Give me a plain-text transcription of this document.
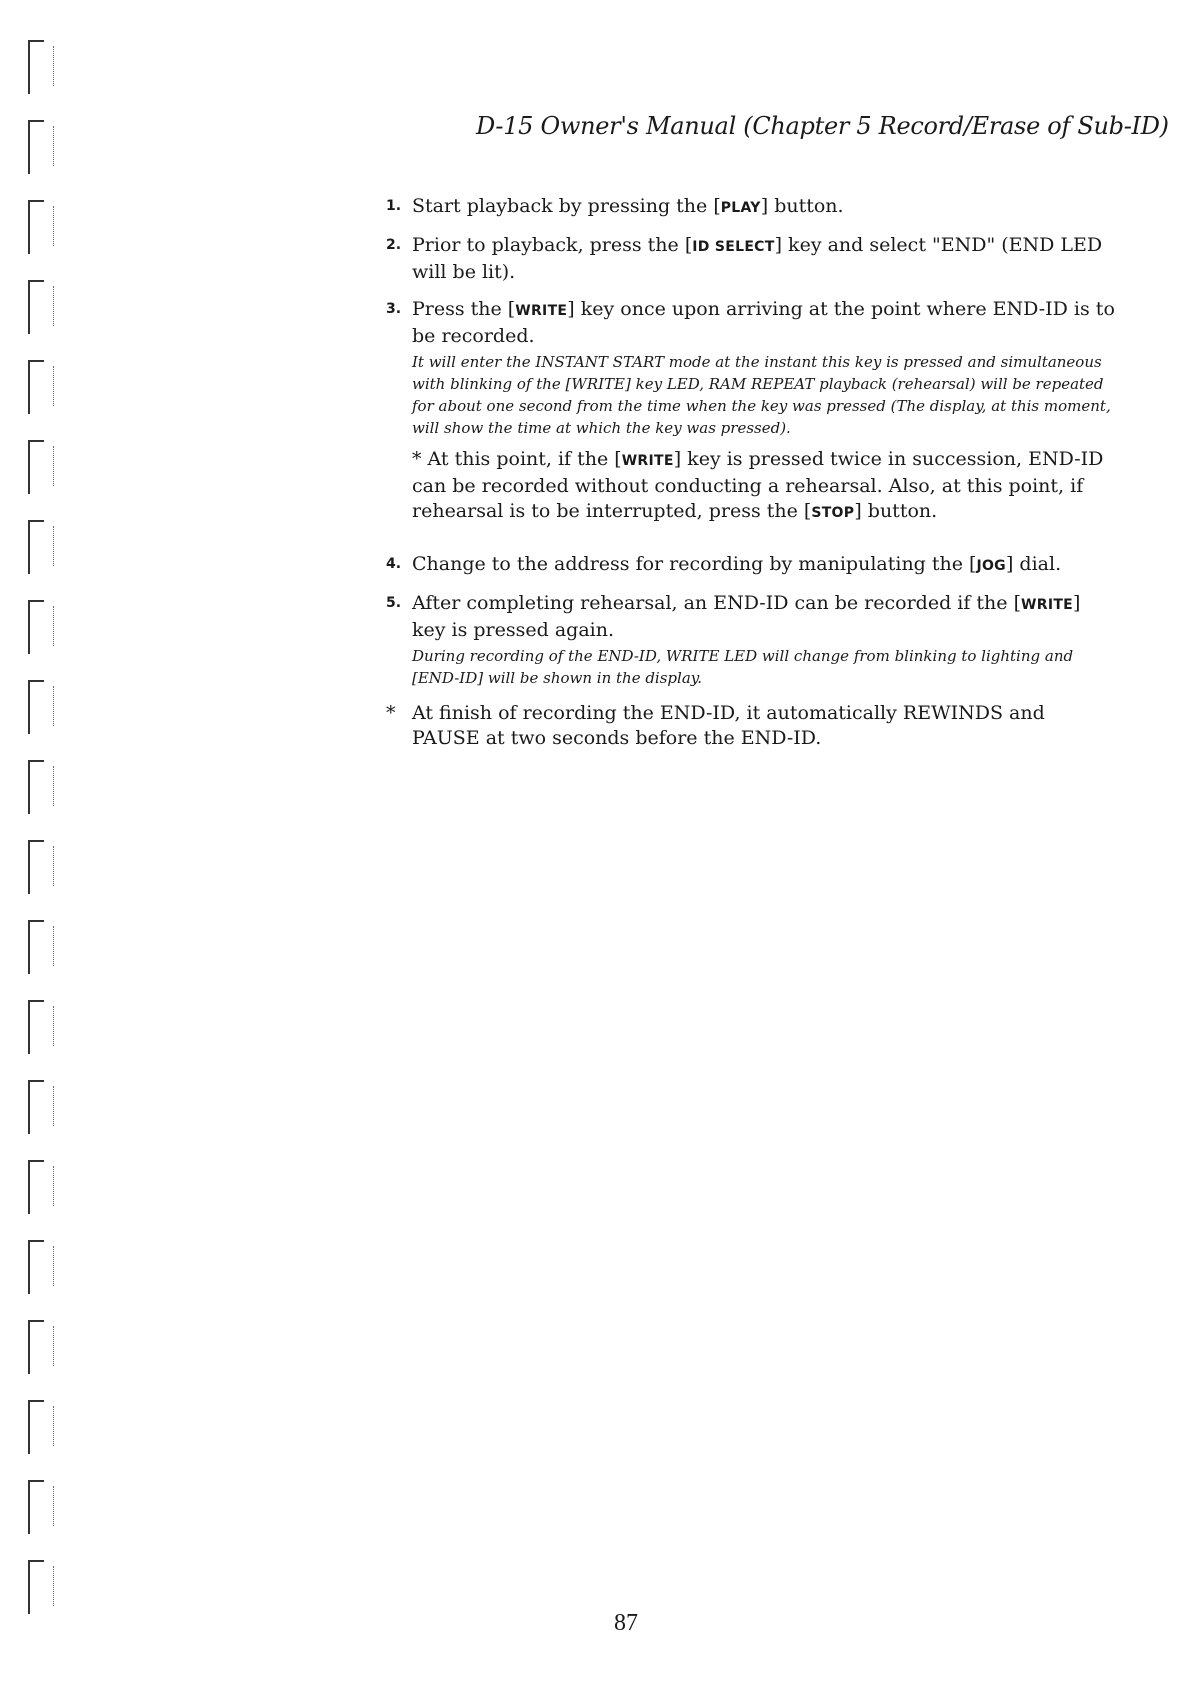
D-15 Owner's Manual (Chapter 5 Record/Erase of Sub-ID)
1. Start playback by pressing the [PLAY] button.
2. Prior to playback, press the [ID SELECT] key and select "END" (END LED will be lit).
3. Press the [WRITE] key once upon arriving at the point where END-ID is to be recorded.
It will enter the INSTANT START mode at the instant this key is pressed and simultaneous with blinking of the [WRITE] key LED, RAM REPEAT playback (rehearsal) will be repeated for about one second from the time when the key was pressed (The display, at this moment, will show the time at which the key was pressed).
* At this point, if the [WRITE] key is pressed twice in succession, END-ID can be recorded without conducting a rehearsal. Also, at this point, if rehearsal is to be interrupted, press the [STOP] button.
4. Change to the address for recording by manipulating the [JOG] dial.
5. After completing rehearsal, an END-ID can be recorded if the [WRITE] key is pressed again.
During recording of the END-ID, WRITE LED will change from blinking to lighting and [END-ID] will be shown in the display.
* At finish of recording the END-ID, it automatically REWINDS and PAUSE at two seconds before the END-ID.
87
